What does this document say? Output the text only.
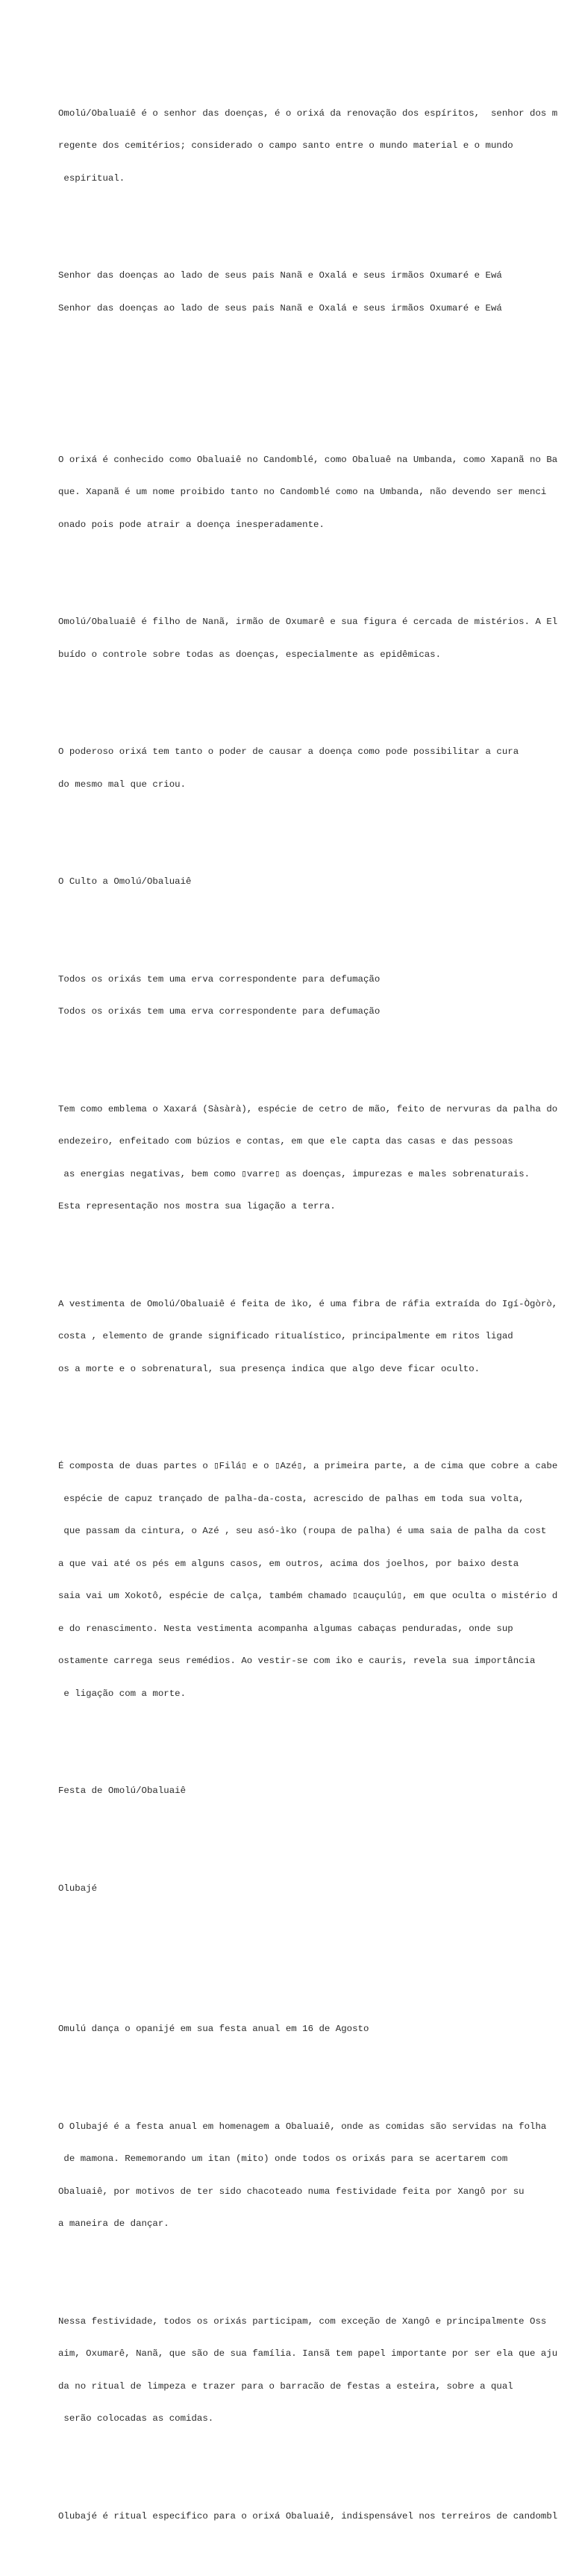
Omolú/Obaluaiê é o senhor das doenças, é o orixá da renovação dos espíritos,  senhor dos m

regente dos cemitérios; considerado o campo santo entre o mundo material e o mundo

espiritual.

Senhor das doenças ao lado de seus pais Nanã e Oxalá e seus irmãos Oxumaré e Ewá

Senhor das doenças ao lado de seus pais Nanã e Oxalá e seus irmãos Oxumaré e Ewá

O orixá é conhecido como Obaluaiê no Candomblé, como Obaluaê na Umbanda, como Xapanã no Ba

que. Xapanã é um nome proibido tanto no Candomblé como na Umbanda, não devendo ser menci

onado pois pode atrair a doença inesperadamente.

Omolú/Obaluaiê é filho de Nanã, irmão de Oxumarê e sua figura é cercada de mistérios. A El

buído o controle sobre todas as doenças, especialmente as epidêmicas.

O poderoso orixá tem tanto o poder de causar a doença como pode possibilitar a cura

do mesmo mal que criou.

O Culto a Omolú/Obaluaiê

Todos os orixás tem uma erva correspondente para defumação

Todos os orixás tem uma erva correspondente para defumação

Tem como emblema o Xaxará (Sàsàrà), espécie de cetro de mão, feito de nervuras da palha do

endezeiro, enfeitado com búzios e contas, em que ele capta das casas e das pessoas

as energias negativas, bem como ▯varre▯ as doenças, impurezas e males sobrenaturais.

Esta representação nos mostra sua ligação a terra.

A vestimenta de Omolú/Obaluaiê é feita de ìko, é uma fibra de ráfia extraída do Igí-Ògòrò,

costa , elemento de grande significado ritualístico, principalmente em ritos ligad

os a morte e o sobrenatural, sua presença indica que algo deve ficar oculto.

É composta de duas partes o ▯Filá▯ e o ▯Azé▯, a primeira parte, a de cima que cobre a cabe

espécie de capuz trançado de palha-da-costa, acrescido de palhas em toda sua volta,

que passam da cintura, o Azé , seu asó-ìko (roupa de palha) é uma saia de palha da cost

a que vai até os pés em alguns casos, em outros, acima dos joelhos, por baixo desta

saia vai um Xokotô, espécie de calça, também chamado ▯cauçulú▯, em que oculta o mistério d

e do renascimento. Nesta vestimenta acompanha algumas cabaças penduradas, onde sup

ostamente carrega seus remédios. Ao vestir-se com iko e cauris, revela sua importância

e ligação com a morte.

Festa de Omolú/Obaluaiê

Olubajé

Omulú dança o opanijé em sua festa anual em 16 de Agosto

O Olubajé é a festa anual em homenagem a Obaluaiê, onde as comidas são servidas na folha

de mamona. Rememorando um itan (mito) onde todos os orixás para se acertarem com

Obaluaiê, por motivos de ter sido chacoteado numa festividade feita por Xangô por su

a maneira de dançar.

Nessa festividade, todos os orixás participam, com exceção de Xangô e principalmente Oss

aim, Oxumarê, Nanã, que são de sua família. Iansã tem papel importante por ser ela que aju

da no ritual de limpeza e trazer para o barracão de festas a esteira, sobre a qual

serão colocadas as comidas.

Olubajé é ritual especifico para o orixá Obaluaiê, indispensável nos terreiros de candombl
